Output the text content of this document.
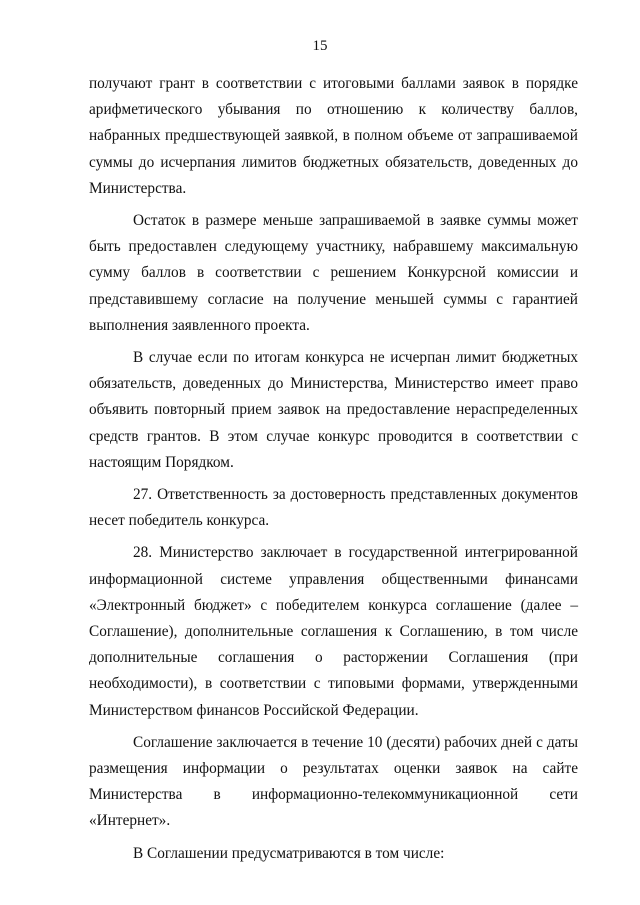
15

получают грант в соответствии с итоговыми баллами заявок в порядке арифметического убывания по отношению к количеству баллов, набранных предшествующей заявкой, в полном объеме от запрашиваемой суммы до исчерпания лимитов бюджетных обязательств, доведенных до Министерства.

Остаток в размере меньше запрашиваемой в заявке суммы может быть предоставлен следующему участнику, набравшему максимальную сумму баллов в соответствии с решением Конкурсной комиссии и представившему согласие на получение меньшей суммы с гарантией выполнения заявленного проекта.

В случае если по итогам конкурса не исчерпан лимит бюджетных обязательств, доведенных до Министерства, Министерство имеет право объявить повторный прием заявок на предоставление нераспределенных средств грантов. В этом случае конкурс проводится в соответствии с настоящим Порядком.

27. Ответственность за достоверность представленных документов несет победитель конкурса.

28. Министерство заключает в государственной интегрированной информационной системе управления общественными финансами «Электронный бюджет» с победителем конкурса соглашение (далее – Соглашение), дополнительные соглашения к Соглашению, в том числе дополнительные соглашения о расторжении Соглашения (при необходимости), в соответствии с типовыми формами, утвержденными Министерством финансов Российской Федерации.

Соглашение заключается в течение 10 (десяти) рабочих дней с даты размещения информации о результатах оценки заявок на сайте Министерства в информационно-телекоммуникационной сети «Интернет».

В Соглашении предусматриваются в том числе:
